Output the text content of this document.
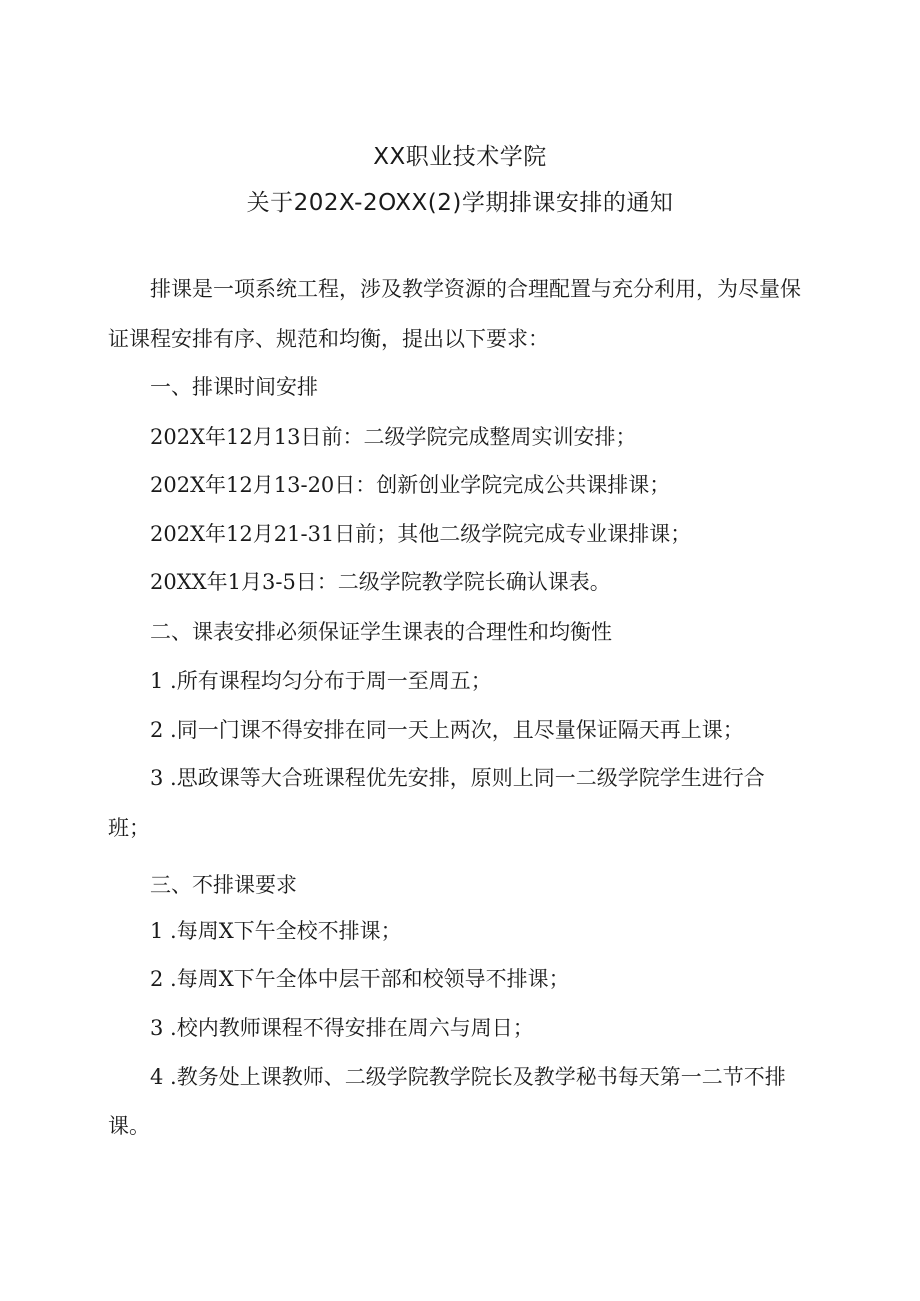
XX职业技术学院
关于202X-2OXX(2)学期排课安排的通知
排课是一项系统工程，涉及教学资源的合理配置与充分利用，为尽量保
证课程安排有序、规范和均衡，提出以下要求：
一、排课时间安排
202X年12月13日前：二级学院完成整周实训安排；
202X年12月13-20日：创新创业学院完成公共课排课；
202X年12月21-31日前；其他二级学院完成专业课排课；
20XX年1月3-5日：二级学院教学院长确认课表。
二、课表安排必须保证学生课表的合理性和均衡性
1 .所有课程均匀分布于周一至周五；
2 .同一门课不得安排在同一天上两次，且尽量保证隔天再上课；
3 .思政课等大合班课程优先安排，原则上同一二级学院学生进行合
班；
三、不排课要求
1 .每周X下午全校不排课；
2 .每周X下午全体中层干部和校领导不排课；
3 .校内教师课程不得安排在周六与周日；
4 .教务处上课教师、二级学院教学院长及教学秘书每天第一二节不排
课。
